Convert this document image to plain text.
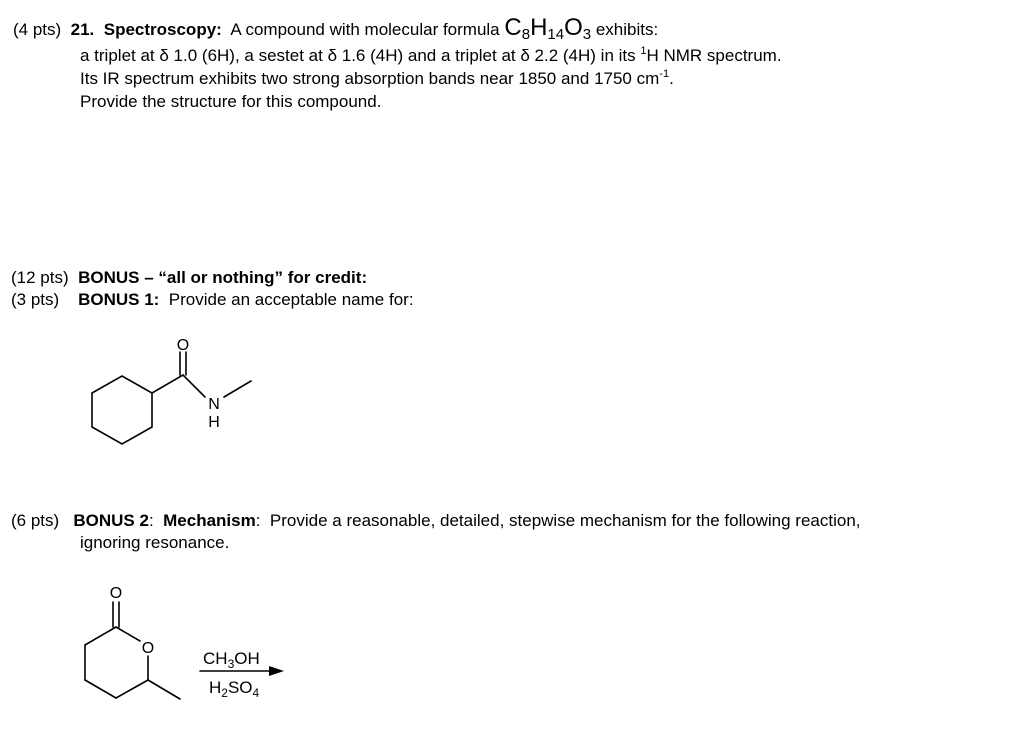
(4 pts) 21. Spectroscopy: A compound with molecular formula C8H14O3 exhibits:
a triplet at δ 1.0 (6H), a sestet at δ 1.6 (4H) and a triplet at δ 2.2 (4H) in its $^1$H NMR spectrum.
Its IR spectrum exhibits two strong absorption bands near 1850 and 1750 $cm^{-1}$.
Provide the structure for this compound.
(12 pts) BONUS – “all or nothing” for credit:
(3 pts) BONUS 1: Provide an acceptable name for:
O
N
H
(6 pts) BONUS 2: Mechanism: Provide a reasonable, detailed, stepwise mechanism for the following reaction,
ignoring resonance.
O
O
$CH_3OH$
$H_2SO_4$
